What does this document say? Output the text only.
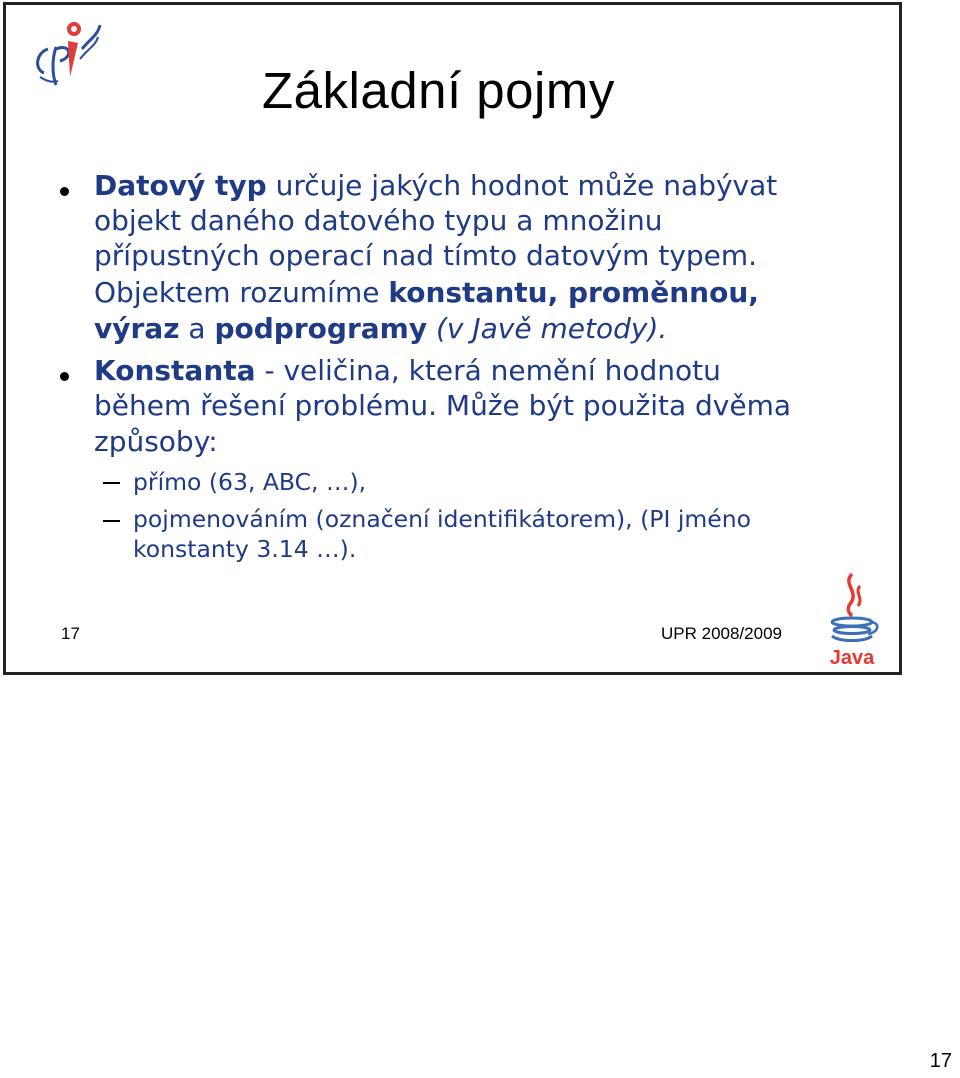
Základní pojmy
Datový typ určuje jakých hodnot může nabývat
objekt daného datového typu a množinu
přípustných operací nad tímto datovým typem.
Objektem rozumíme konstantu, proměnnou,
výraz a podprogramy (v Javě metody).
Konstanta - veličina, která nemění hodnotu
během řešení problému. Může být použita dvěma
způsoby:
přímo (63, ABC, …),
pojmenováním (označení identifikátorem), (PI jméno
konstanty 3.14 …).
17	UPR 2008/2009
Java
17
